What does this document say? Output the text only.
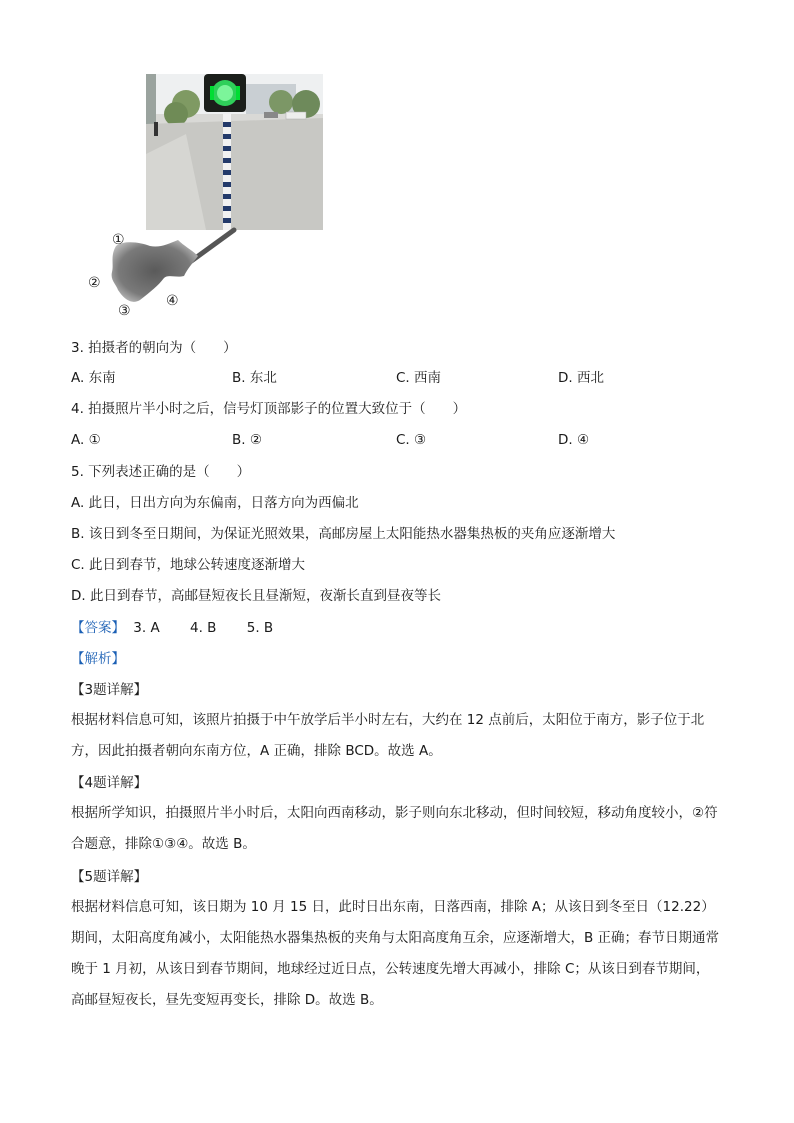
①
②
③
④
3. 拍摄者的朝向为（　　）
A. 东南	B. 东北	C. 西南	D. 西北
4. 拍摄照片半小时之后，信号灯顶部影子的位置大致位于（　　）
A. ①	B. ②	C. ③	D. ④
5. 下列表述正确的是（　　）
A. 此日，日出方向为东偏南，日落方向为西偏北
B. 该日到冬至日期间，为保证光照效果，高邮房屋上太阳能热水器集热板的夹角应逐渐增大
C. 此日到春节，地球公转速度逐渐增大
D. 此日到春节，高邮昼短夜长且昼渐短，夜渐长直到昼夜等长
【答案】 3. A 4. B 5. B
【解析】
【3题详解】
根据材料信息可知，该照片拍摄于中午放学后半小时左右，大约在 12 点前后，太阳位于南方，影子位于北方，因此拍摄者朝向东南方位，A 正确，排除 BCD。故选 A。
【4题详解】
根据所学知识，拍摄照片半小时后，太阳向西南移动，影子则向东北移动，但时间较短，移动角度较小，②符合题意，排除①③④。故选 B。
【5题详解】
根据材料信息可知，该日期为 10 月 15 日，此时日出东南，日落西南，排除 A；从该日到冬至日（12.22）期间，太阳高度角减小，太阳能热水器集热板的夹角与太阳高度角互余，应逐渐增大，B 正确；春节日期通常晚于 1 月初，从该日到春节期间，地球经过近日点，公转速度先增大再减小，排除 C；从该日到春节期间，高邮昼短夜长，昼先变短再变长，排除 D。故选 B。
